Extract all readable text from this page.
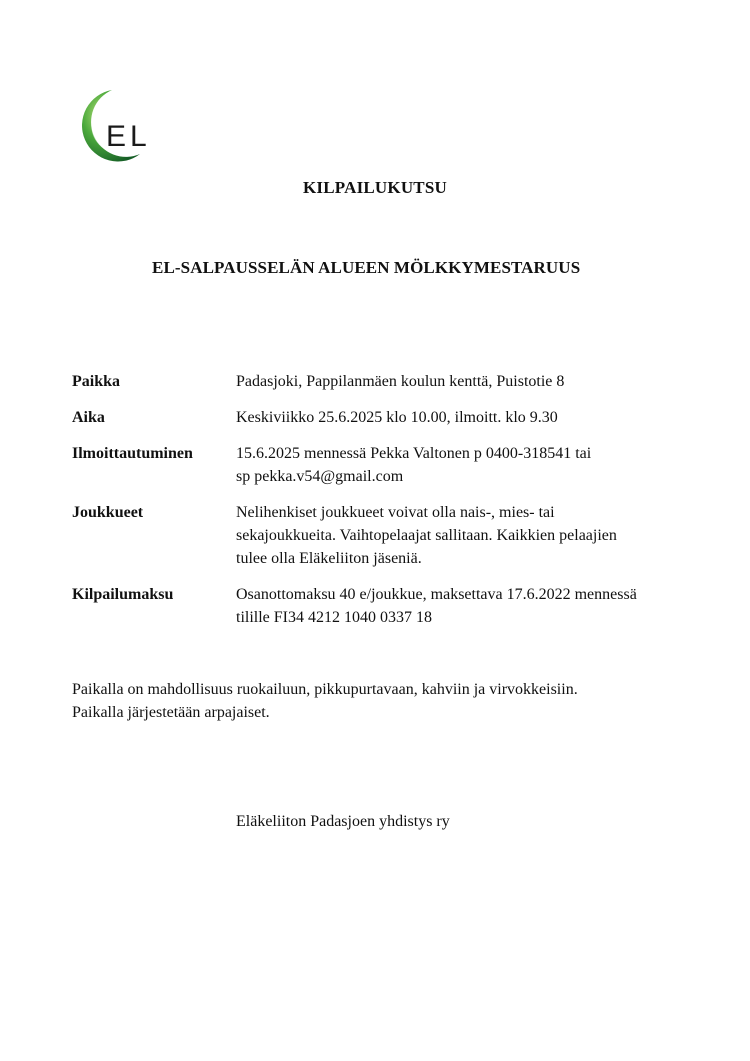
EL
KILPAILUKUTSU
EL-SALPAUSSELÄN ALUEEN MÖLKKYMESTARUUS
Paikka	Padasjoki, Pappilanmäen koulun kenttä, Puistotie 8
Aika	Keskiviikko 25.6.2025 klo 10.00, ilmoitt. klo 9.30
Ilmoittautuminen	15.6.2025 mennessä Pekka Valtonen p 0400-318541 tai
sp pekka.v54@gmail.com
Joukkueet	Nelihenkiset joukkueet voivat olla nais-, mies- tai
sekajoukkueita. Vaihtopelaajat sallitaan. Kaikkien pelaajien
tulee olla Eläkeliiton jäseniä.
Kilpailumaksu	Osanottomaksu 40 e/joukkue, maksettava 17.6.2022 mennessä
tilille FI34 4212 1040 0337 18
Paikalla on mahdollisuus ruokailuun, pikkupurtavaan, kahviin ja virvokkeisiin.
Paikalla järjestetään arpajaiset.
Eläkeliiton Padasjoen yhdistys ry
